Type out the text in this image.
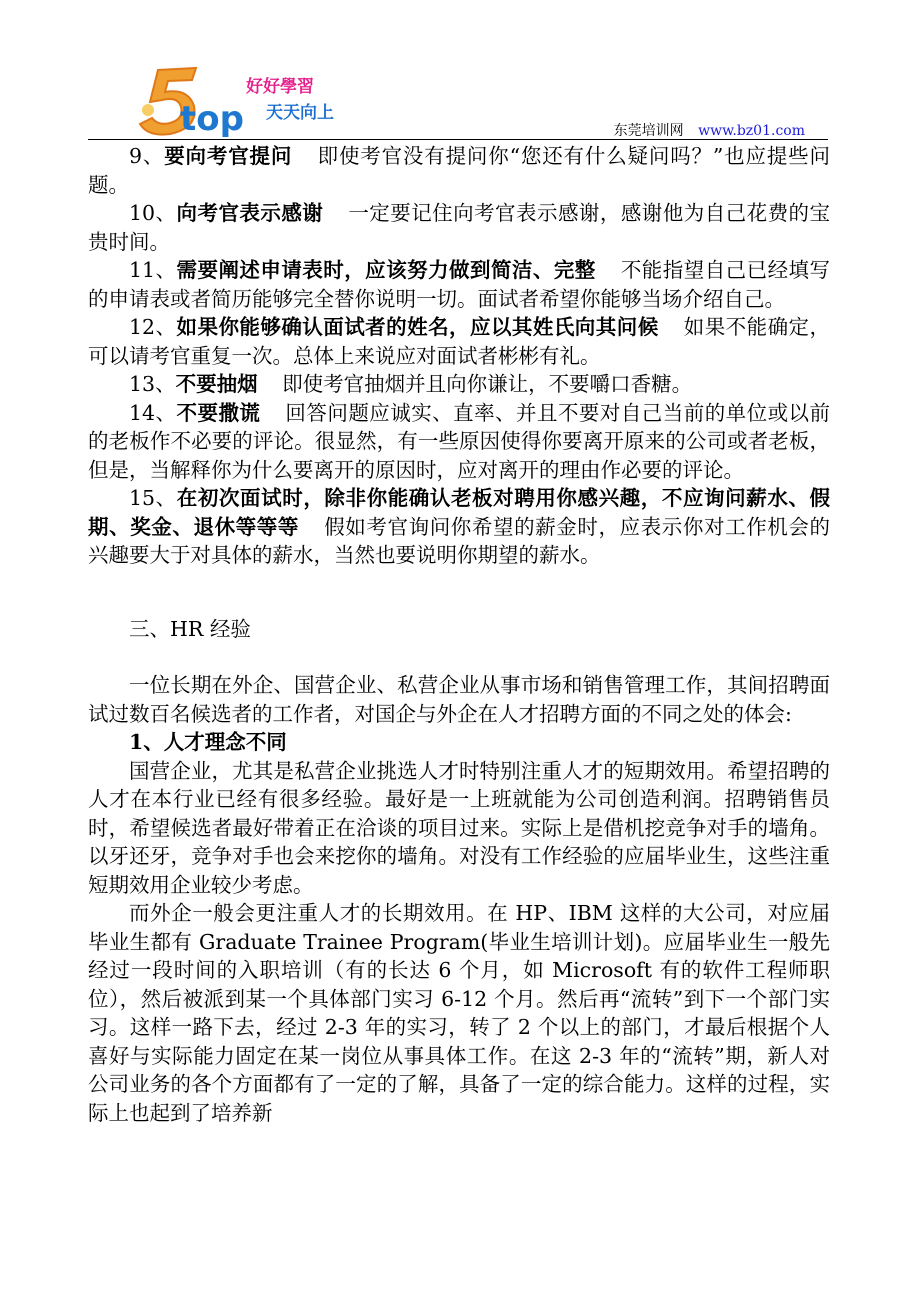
top
好好學習
天天向上
东莞培训网 www.bz01.com

9、要向考官提问 即使考官没有提问你“您还有什么疑问吗？”也应提些问题。

10、向考官表示感谢 一定要记住向考官表示感谢，感谢他为自己花费的宝贵时间。

11、需要阐述申请表时，应该努力做到简洁、完整 不能指望自己已经填写的申请表或者简历能够完全替你说明一切。面试者希望你能够当场介绍自己。

12、如果你能够确认面试者的姓名，应以其姓氏向其问候 如果不能确定，可以请考官重复一次。总体上来说应对面试者彬彬有礼。

13、不要抽烟 即使考官抽烟并且向你谦让，不要嚼口香糖。

14、不要撒谎 回答问题应诚实、直率、并且不要对自己当前的单位或以前的老板作不必要的评论。很显然，有一些原因使得你要离开原来的公司或者老板，但是，当解释你为什么要离开的原因时，应对离开的理由作必要的评论。

15、在初次面试时，除非你能确认老板对聘用你感兴趣，不应询问薪水、假期、奖金、退休等等等 假如考官询问你希望的薪金时，应表示你对工作机会的兴趣要大于对具体的薪水，当然也要说明你期望的薪水。

三、HR 经验

一位长期在外企、国营企业、私营企业从事市场和销售管理工作，其间招聘面试过数百名候选者的工作者，对国企与外企在人才招聘方面的不同之处的体会:

1、人才理念不同

国营企业，尤其是私营企业挑选人才时特别注重人才的短期效用。希望招聘的人才在本行业已经有很多经验。最好是一上班就能为公司创造利润。招聘销售员时，希望候选者最好带着正在洽谈的项目过来。实际上是借机挖竞争对手的墙角。以牙还牙，竞争对手也会来挖你的墙角。对没有工作经验的应届毕业生，这些注重短期效用企业较少考虑。

而外企一般会更注重人才的长期效用。在 HP、IBM 这样的大公司，对应届毕业生都有 Graduate Trainee Program(毕业生培训计划)。应届毕业生一般先经过一段时间的入职培训（有的长达 6 个月，如 Microsoft 有的软件工程师职位），然后被派到某一个具体部门实习 6-12 个月。然后再“流转”到下一个部门实习。这样一路下去，经过 2-3 年的实习，转了 2 个以上的部门，才最后根据个人喜好与实际能力固定在某一岗位从事具体工作。在这 2-3 年的“流转”期，新人对公司业务的各个方面都有了一定的了解，具备了一定的综合能力。这样的过程，实际上也起到了培养新
